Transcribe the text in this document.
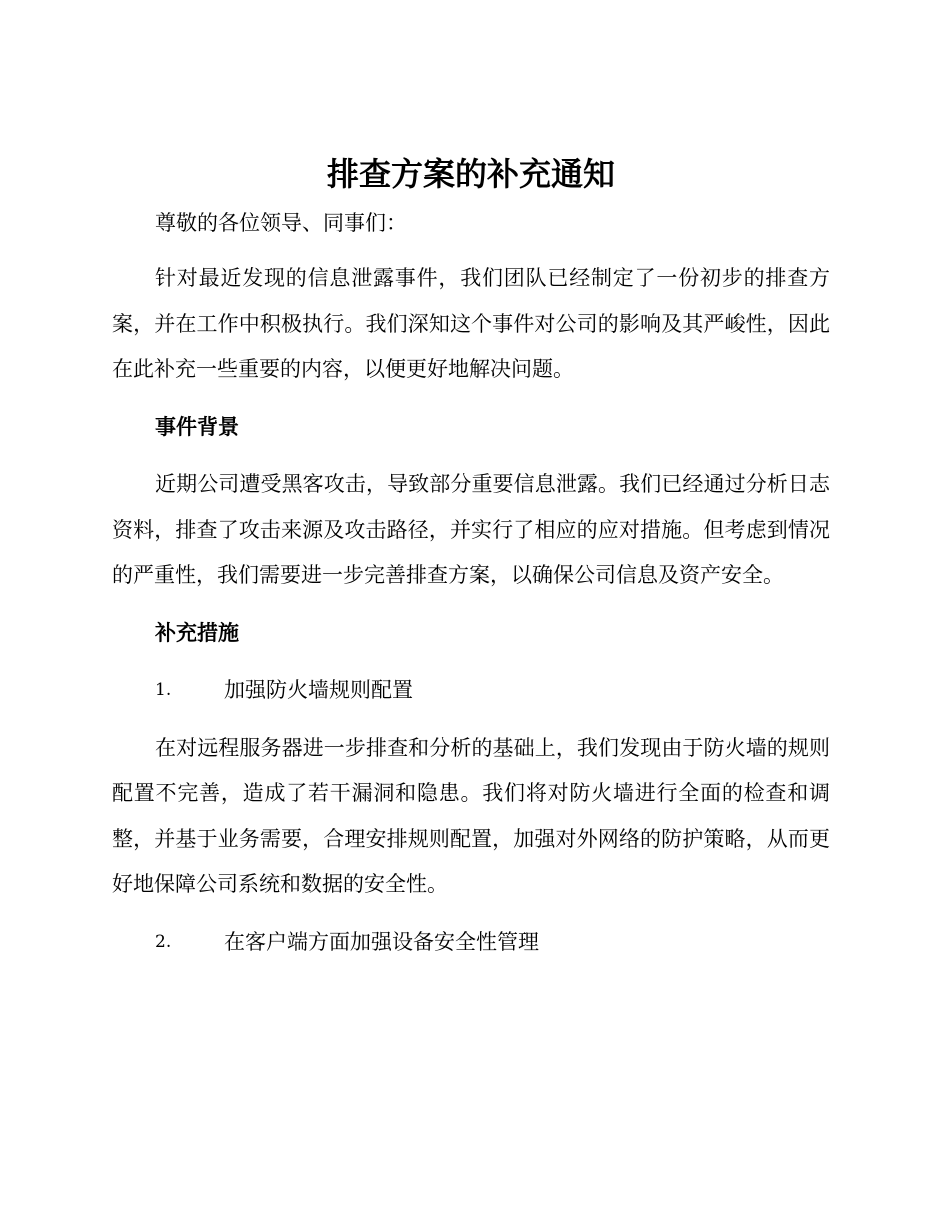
排查方案的补充通知

尊敬的各位领导、同事们：

针对最近发现的信息泄露事件，我们团队已经制定了一份初步的排查方案，并在工作中积极执行。我们深知这个事件对公司的影响及其严峻性，因此在此补充一些重要的内容，以便更好地解决问题。

事件背景

近期公司遭受黑客攻击，导致部分重要信息泄露。我们已经通过分析日志资料，排查了攻击来源及攻击路径，并实行了相应的应对措施。但考虑到情况的严重性，我们需要进一步完善排查方案，以确保公司信息及资产安全。

补充措施
1.	加强防火墙规则配置

在对远程服务器进一步排查和分析的基础上，我们发现由于防火墙的规则配置不完善，造成了若干漏洞和隐患。我们将对防火墙进行全面的检查和调整，并基于业务需要，合理安排规则配置，加强对外网络的防护策略，从而更好地保障公司系统和数据的安全性。

2.	在客户端方面加强设备安全性管理
